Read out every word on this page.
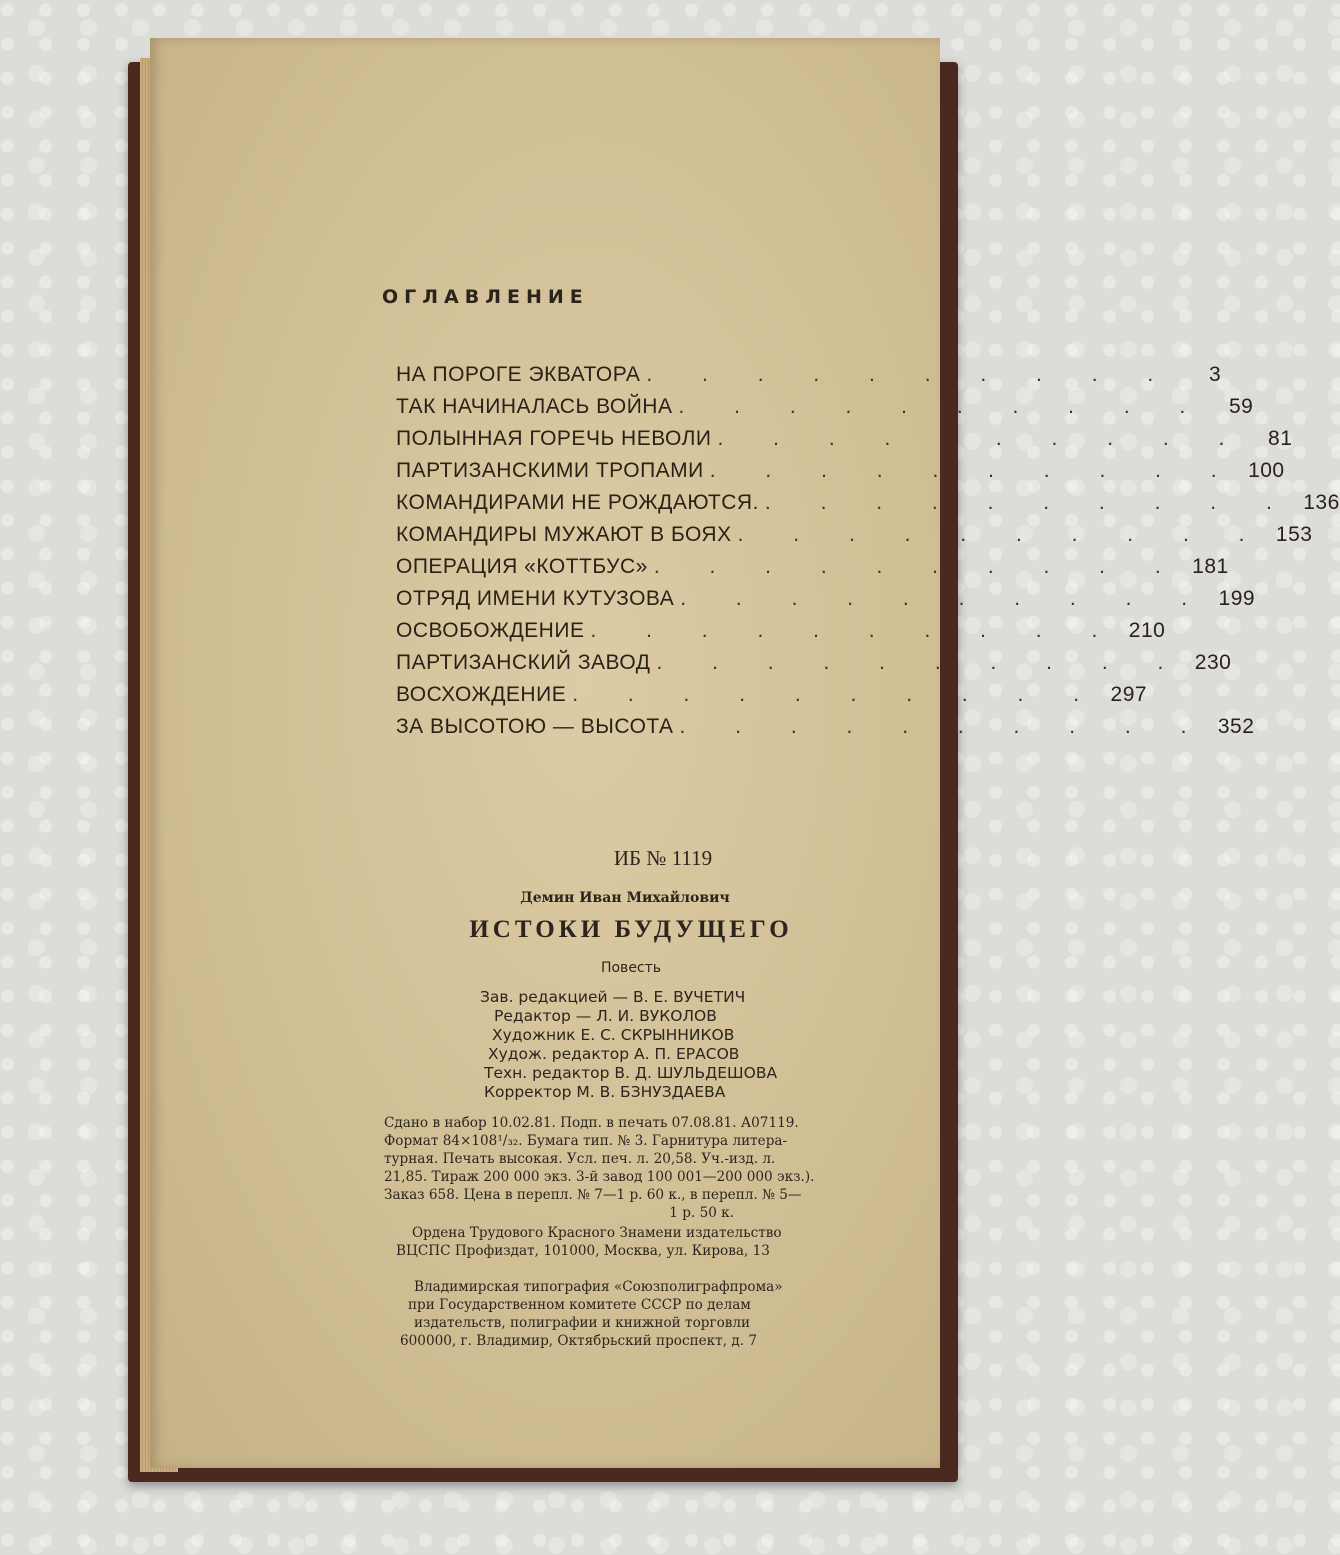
ОГЛАВЛЕНИЕ
НА ПОРОГЕ ЭКВАТОРА . . . . . . . . . .	3
ТАК НАЧИНАЛАСЬ ВОЙНА . . . . . . . . . .	59
ПОЛЫННАЯ ГОРЕЧЬ НЕВОЛИ . . . . . . . . . .	81
ПАРТИЗАНСКИМИ ТРОПАМИ . . . . . . . . . . 100
КОМАНДИРАМИ НЕ РОЖДАЮТСЯ. . . . . . . . . . . 136
КОМАНДИРЫ МУЖАЮТ В БОЯХ . . . . . . . . . . 153
ОПЕРАЦИЯ «КОТТБУС» . . . . . . . . . . 181
ОТРЯД ИМЕНИ КУТУЗОВА . . . . . . . . . . 199
ОСВОБОЖДЕНИЕ . . . . . . . . . . 210
ПАРТИЗАНСКИЙ ЗАВОД . . . . . . . . . . 230
ВОСХОЖДЕНИЕ . . . . . . . . . . 297
ЗА ВЫСОТОЮ — ВЫСОТА . . . . . . . . . . 352
ИБ № 1119
Демин Иван Михайлович
ИСТОКИ БУДУЩЕГО
Повесть
Зав. редакцией — В. Е. ВУЧЕТИЧ
Редактор — Л. И. ВУКОЛОВ
Художник Е. С. СКРЫННИКОВ
Худож. редактор А. П. ЕРАСОВ
Техн. редактор В. Д. ШУЛЬДЕШОВА
Корректор М. В. БЗНУЗДАЕВА
Сдано в набор 10.02.81. Подп. в печать 07.08.81. А07119.
Формат 84×108¹/₃₂. Бумага тип. № 3. Гарнитура литера-
турная. Печать высокая. Усл. печ. л. 20,58. Уч.-изд. л.
21,85. Тираж 200 000 экз. 3-й завод 100 001—200 000 экз.).
Заказ 658. Цена в перепл. № 7—1 р. 60 к., в перепл. № 5—
1 р. 50 к.
Ордена Трудового Красного Знамени издательство
ВЦСПС Профиздат, 101000, Москва, ул. Кирова, 13
Владимирская типография «Союзполиграфпрома»
при Государственном комитете СССР по делам
издательств, полиграфии и книжной торговли
600000, г. Владимир, Октябрьский проспект, д. 7
